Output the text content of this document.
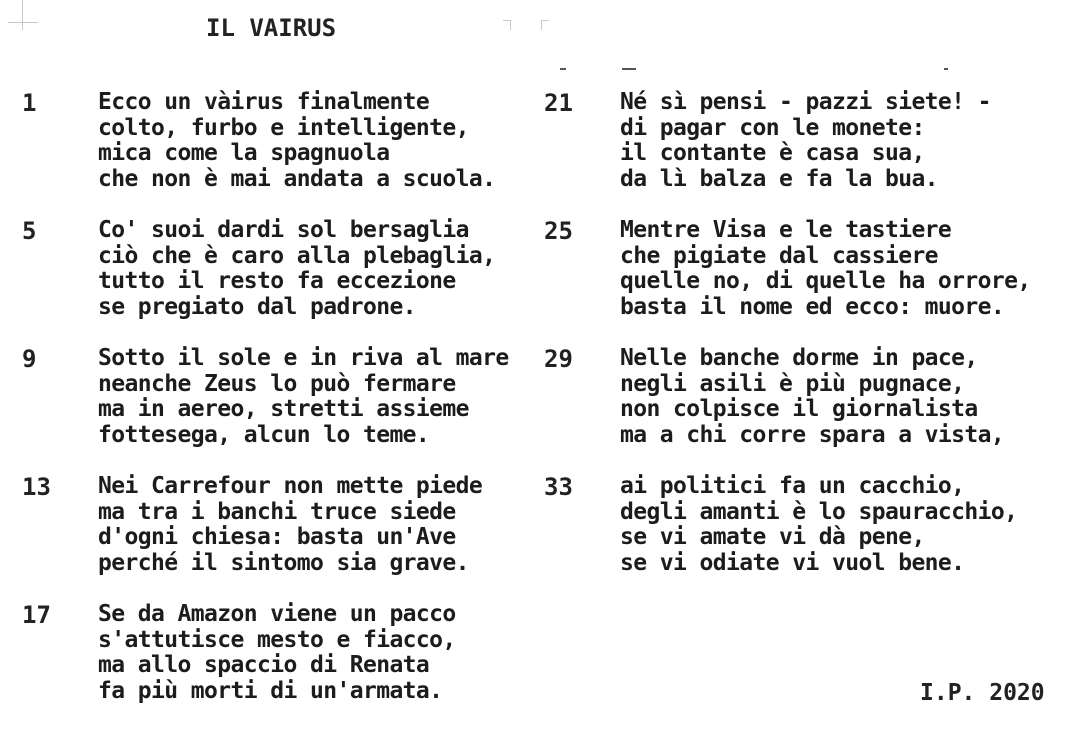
IL VAIRUS
1	Ecco un vàirus finalmente
colto, furbo e intelligente,
mica come la spagnuola
che non è mai andata a scuola.
5	Co' suoi dardi sol bersaglia
ciò che è caro alla plebaglia,
tutto il resto fa eccezione
se pregiato dal padrone.
9	Sotto il sole e in riva al mare
neanche Zeus lo può fermare
ma in aereo, stretti assieme
fottesega, alcun lo teme.
13 Nei Carrefour non mette piede
ma tra i banchi truce siede
d'ogni chiesa: basta un'Ave
perché il sintomo sia grave.
17 Se da Amazon viene un pacco
s'attutisce mesto e fiacco,
ma allo spaccio di Renata
fa più morti di un'armata.
21 Né sì pensi - pazzi siete! -
di pagar con le monete:
il contante è casa sua,
da lì balza e fa la bua.
25 Mentre Visa e le tastiere
che pigiate dal cassiere
quelle no, di quelle ha orrore,
basta il nome ed ecco: muore.
29 Nelle banche dorme in pace,
negli asili è più pugnace,
non colpisce il giornalista
ma a chi corre spara a vista,
33 ai politici fa un cacchio,
degli amanti è lo spauracchio,
se vi amate vi dà pene,
se vi odiate vi vuol bene.
I.P. 2020
